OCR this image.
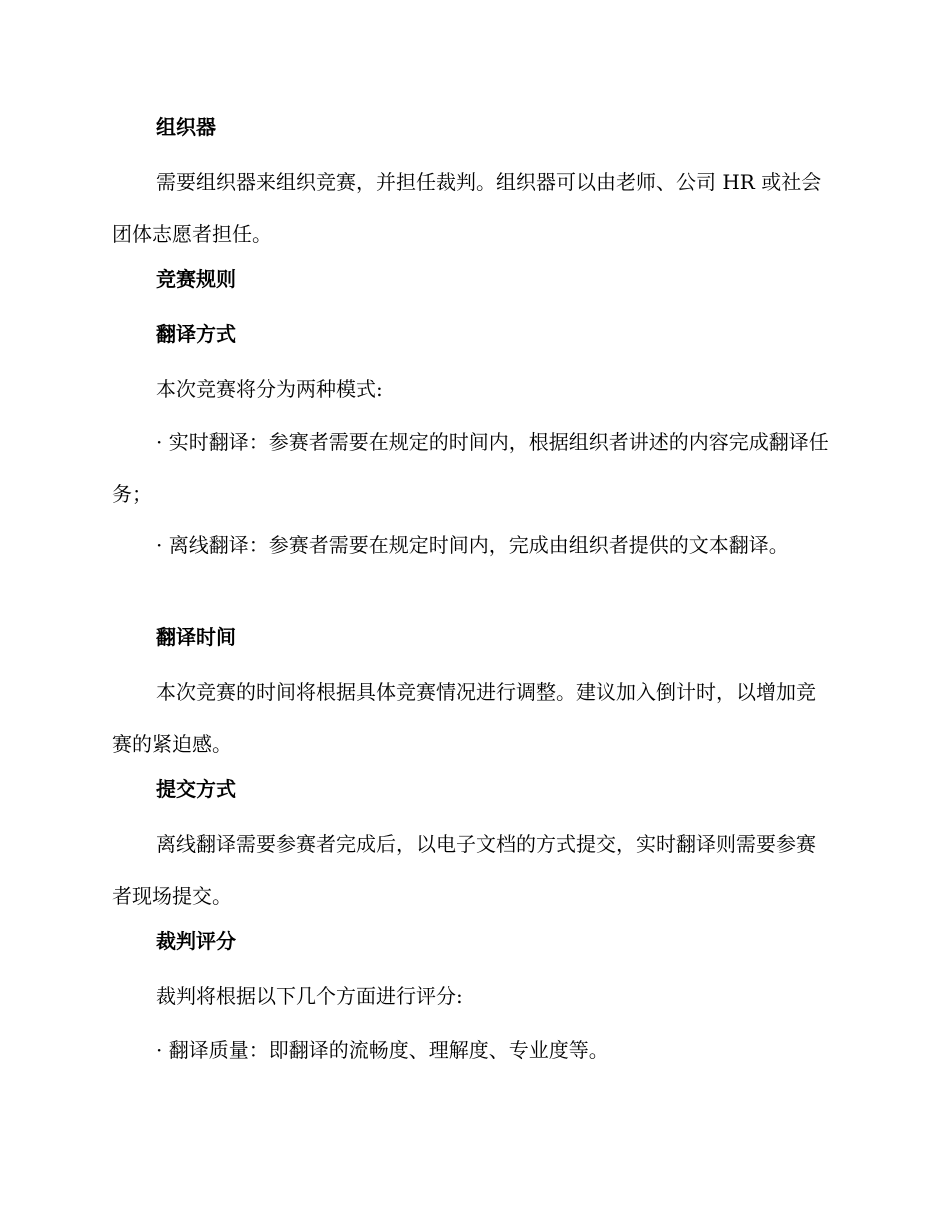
组织器

需要组织器来组织竞赛，并担任裁判。组织器可以由老师、公司 HR 或社会团体志愿者担任。

竞赛规则
翻译方式

本次竞赛将分为两种模式:

· 实时翻译：参赛者需要在规定的时间内，根据组织者讲述的内容完成翻译任务；

· 离线翻译：参赛者需要在规定时间内，完成由组织者提供的文本翻译。

翻译时间

本次竞赛的时间将根据具体竞赛情况进行调整。建议加入倒计时，以增加竞赛的紧迫感。

提交方式

离线翻译需要参赛者完成后，以电子文档的方式提交，实时翻译则需要参赛者现场提交。

裁判评分

裁判将根据以下几个方面进行评分:

· 翻译质量：即翻译的流畅度、理解度、专业度等。
